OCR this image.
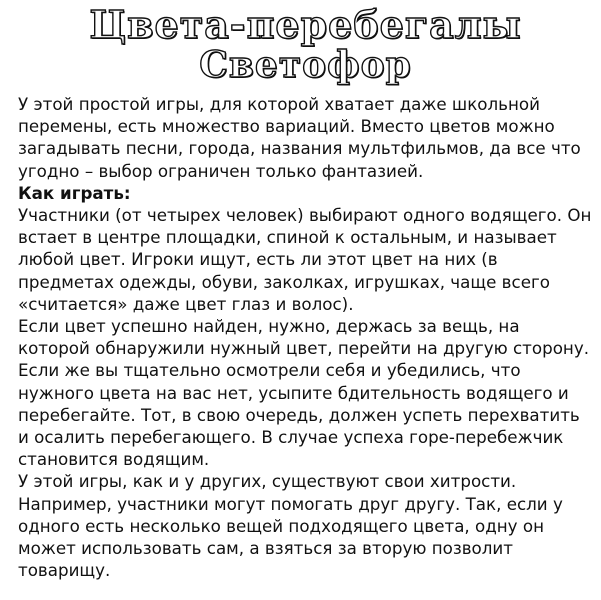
Цвета-перебегалы
Светофор

У этой простой игры, для которой хватает даже школьной перемены, есть множество вариаций. Вместо цветов можно загадывать песни, города, названия мультфильмов, да все что угодно – выбор ограничен только фантазией.

Как играть:

Участники (от четырех человек) выбирают одного водящего. Он встает в центре площадки, спиной к остальным, и называет любой цвет. Игроки ищут, есть ли этот цвет на них (в предметах одежды, обуви, заколках, игрушках, чаще всего «считается» даже цвет глаз и волос).

Если цвет успешно найден, нужно, держась за вещь, на которой обнаружили нужный цвет, перейти на другую сторону.

Если же вы тщательно осмотрели себя и убедились, что нужного цвета на вас нет, усыпите бдительность водящего и перебегайте. Тот, в свою очередь, должен успеть перехватить и осалить перебегающего. В случае успеха горе-перебежчик становится водящим.

У этой игры, как и у других, существуют свои хитрости. Например, участники могут помогать друг другу. Так, если у одного есть несколько вещей подходящего цвета, одну он может использовать сам, а взяться за вторую позволит товарищу.
